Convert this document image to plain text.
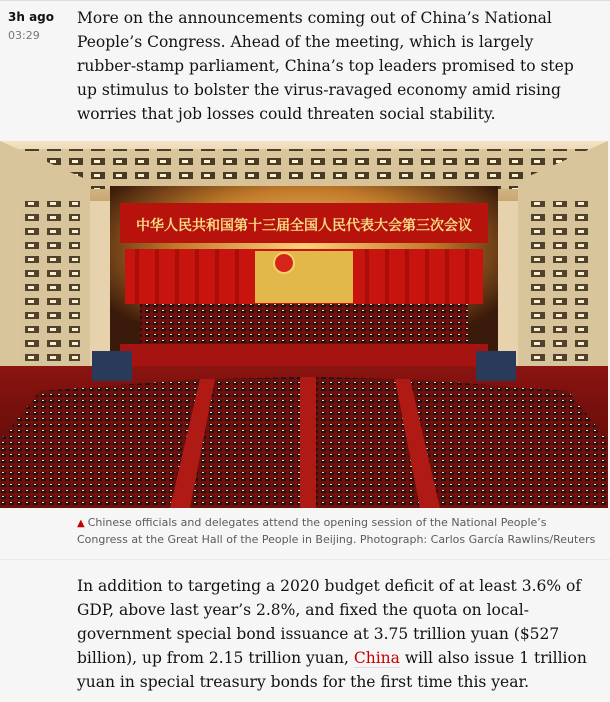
3h ago
03:29

More on the announcements coming out of China’s National People’s Congress. Ahead of the meeting, which is largely rubber-stamp parliament, China’s top leaders promised to step up stimulus to bolster the virus-ravaged economy amid rising worries that job losses could threaten social stability.

中华人民共和国第十三届全国人民代表大会第三次会议

▲ Chinese officials and delegates attend the opening session of the National People’s Congress at the Great Hall of the People in Beijing. Photograph: Carlos García Rawlins/Reuters

In addition to targeting a 2020 budget deficit of at least 3.6% of GDP, above last year’s 2.8%, and fixed the quota on local-government special bond issuance at 3.75 trillion yuan ($527 billion), up from 2.15 trillion yuan, China will also issue 1 trillion yuan in special treasury bonds for the first time this year.
